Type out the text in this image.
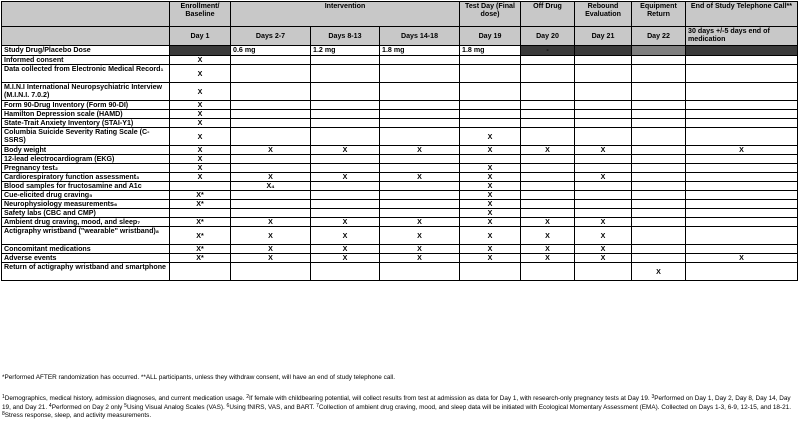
	Enrollment/ Baseline	Intervention			Test Day (Final dose)	Off Drug	Rebound Evaluation	Equipment Return	End of Study Telephone Call**
	Day 1	Days 2-7	Days 8-13	Days 14-18	Day 19	Day 20	Day 21	Day 22	30 days +/-5 days end of medication
Study Drug/Placebo Dose		0.6 mg	1.2 mg	1.8 mg	1.8 mg	-			
Informed consent	X								
Data collected from Electronic Medical Record₁	X								
M.I.N.I International Neuropsychiatric Interview (M.I.N.I. 7.0.2)	X								
Form 90-Drug Inventory (Form 90-DI)	X								
Hamilton Depression scale (HAMD)	X								
State-Trait Anxiety Inventory (STAI-Y1)	X								
Columbia Suicide Severity Rating Scale (C-SSRS)	X				X				
Body weight	X	X	X	X	X	X	X		X
12-lead electrocardiogram (EKG)	X								
Pregnancy test₂	X				X				
Cardiorespiratory function assessment₃	X	X	X	X	X		X		
Blood samples for fructosamine and A1c		X₄			X				
Cue-elicited drug craving₅	X*				X				
Neurophysiology measurements₆	X*				X				
Safety labs (CBC and CMP)					X				
Ambient drug craving, mood, and sleep₇	X*	X	X	X	X	X	X		
Actigraphy wristband ("wearable" wristband)₈	X*	X	X	X	X	X	X		
Concomitant medications	X*	X	X	X	X	X	X		
Adverse events	X*	X	X	X	X	X	X		X
Return of actigraphy wristband and smartphone								X	
*Performed AFTER randomization has occurred. **ALL participants, unless they withdraw consent, will have an end of study telephone call.
$^1$Demographics, medical history, admission diagnoses, and current medication usage. $^2$If female with childbearing potential, will collect results from test at admission as data for Day 1, with research-only pregnancy tests at Day 19. $^3$Performed on Day 1, Day 2, Day 8, Day 14, Day 19, and Day 21. $^4$Performed on Day 2 only $^5$Using Visual Analog Scales (VAS). $^6$Using fNIRS, VAS, and BART. $^7$Collection of ambient drug craving, mood, and sleep data will be initiated with Ecological Momentary Assessment (EMA). Collected on Days 1-3, 6-9, 12-15, and 18-21. $^8$Stress response, sleep, and activity measurements.
